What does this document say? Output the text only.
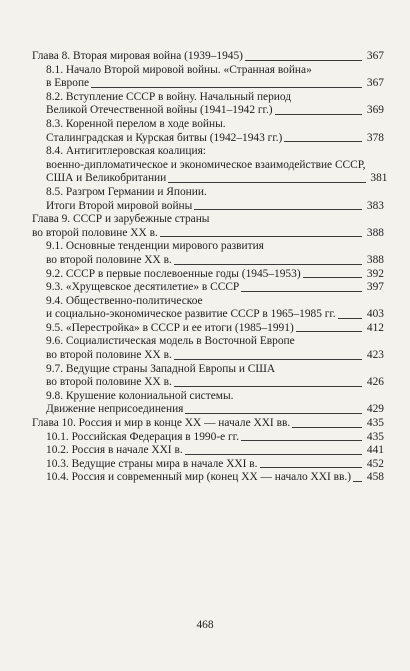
Глава 8. Вторая мировая война (1939–1945)	367
8.1. Начало Второй мировой войны. «Странная война»
в Европе	367
8.2. Вступление СССР в войну. Начальный период
Великой Отечественной войны (1941–1942 гг.)	369
8.3. Коренной перелом в ходе войны.
Сталинградская и Курская битвы (1942–1943 гг.)	378
8.4. Антигитлеровская коалиция:
военно-дипломатическое и экономическое взаимодействие СССР,
США и Великобритании	381
8.5. Разгром Германии и Японии.
Итоги Второй мировой войны	383
Глава 9. СССР и зарубежные страны
во второй половине XX в.	388
9.1. Основные тенденции мирового развития
во второй половине XX в.	388
9.2. СССР в первые послевоенные годы (1945–1953)	392
9.3. «Хрущевское десятилетие» в СССР	397
9.4. Общественно-политическое
и социально-экономическое развитие СССР в 1965–1985 гг.	403
9.5. «Перестройка» в СССР и ее итоги (1985–1991)	412
9.6. Социалистическая модель в Восточной Европе
во второй половине XX в.	423
9.7. Ведущие страны Западной Европы и США
во второй половине XX в.	426
9.8. Крушение колониальной системы.
Движение неприсоединения	429
Глава 10. Россия и мир в конце XX — начале XXI вв.	435
10.1. Российская Федерация в 1990-е гг.	435
10.2. Россия в начале XXI в.	441
10.3. Ведущие страны мира в начале XXI в.	452
10.4. Россия и современный мир (конец XX — начало XXI вв.)	458
468
